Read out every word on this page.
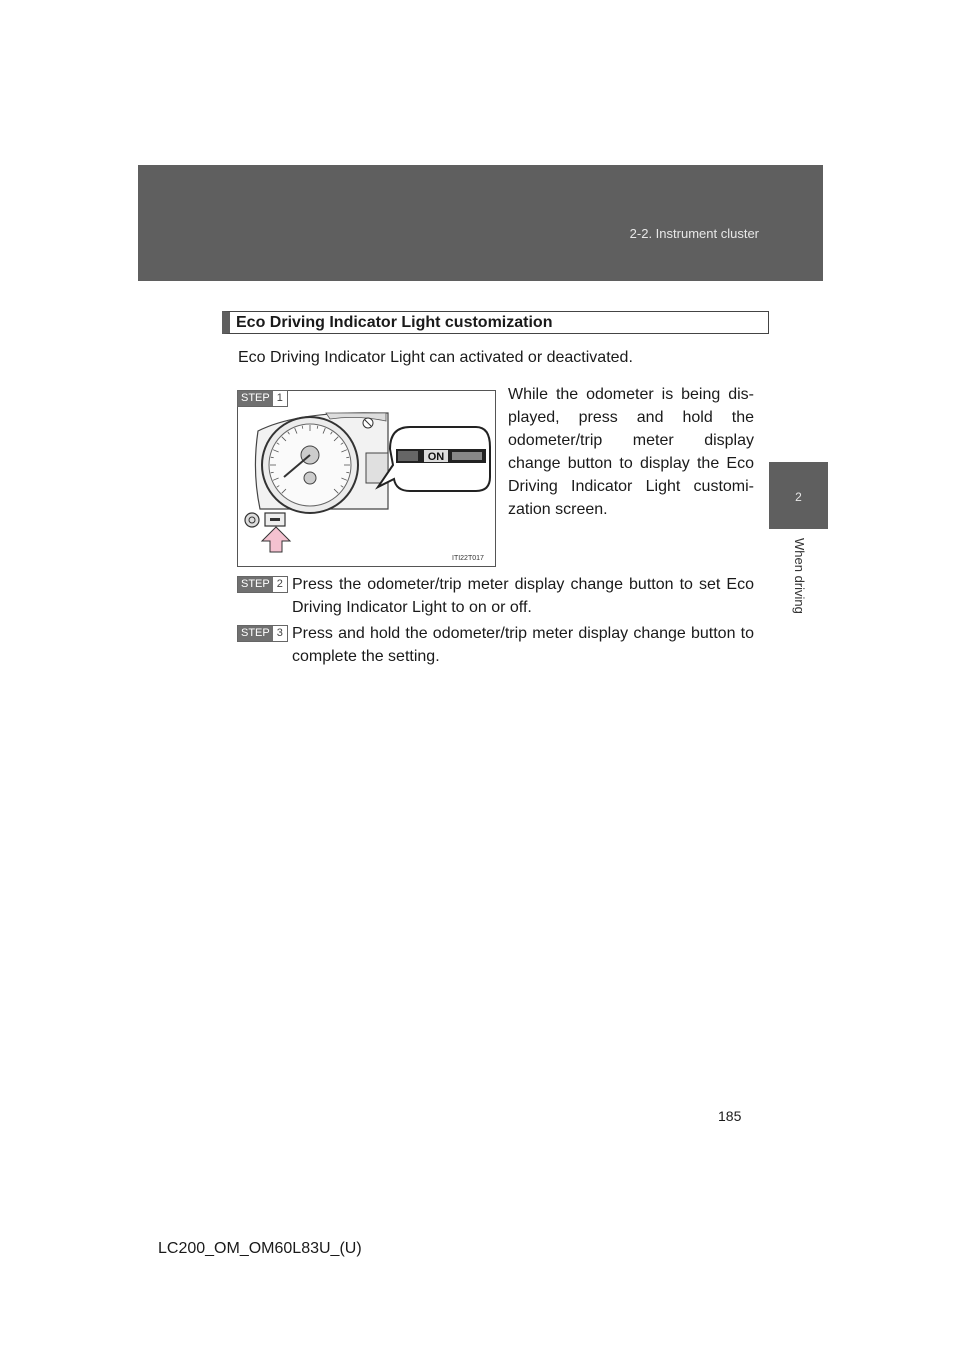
2-2. Instrument cluster
2
When driving
Eco Driving Indicator Light customization
Eco Driving Indicator Light can activated or deactivated.
ON
ITI22T017
STEP 1	While the odometer is being dis-played, press and hold the odometer/trip meter display change button to display the Eco Driving Indicator Light customi-zation screen.
STEP 2 Press the odometer/trip meter display change button to set Eco Driving Indicator Light to on or off.
STEP 3 Press and hold the odometer/trip meter display change button to complete the setting.
185
LC200_OM_OM60L83U_(U)
